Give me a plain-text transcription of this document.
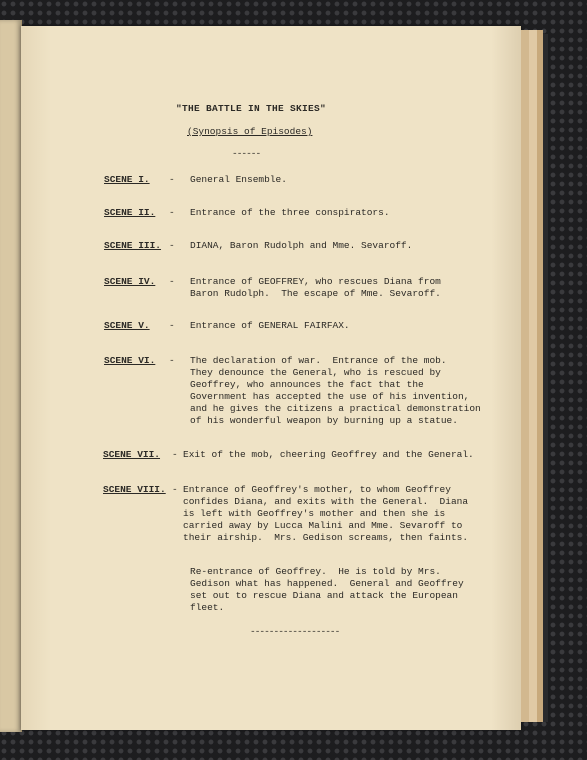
"THE BATTLE IN THE SKIES"
(Synopsis of Episodes)
------
SCENE I. - General Ensemble.
SCENE II. - Entrance of the three conspirators.
SCENE III. - DIANA, Baron Rudolph and Mme. Sevaroff.
SCENE IV. - Entrance of GEOFFREY, who rescues Diana from
Baron Rudolph.  The escape of Mme. Sevaroff.
SCENE V. - Entrance of GENERAL FAIRFAX.
SCENE VI. - The declaration of war.  Entrance of the mob.
They denounce the General, who is rescued by
Geoffrey, who announces the fact that the
Government has accepted the use of his invention,
and he gives the citizens a practical demonstration
of his wonderful weapon by burning up a statue.
SCENE VII. - Exit of the mob, cheering Geoffrey and the General.
SCENE VIII. - Entrance of Geoffrey's mother, to whom Geoffrey
confides Diana, and exits with the General.  Diana
is left with Geoffrey's mother and then she is
carried away by Lucca Malini and Mme. Sevaroff to
their airship.  Mrs. Gedison screams, then faints.
Re-entrance of Geoffrey.  He is told by Mrs.
Gedison what has happened.  General and Geoffrey
set out to rescue Diana and attack the European
fleet.
-------------------
